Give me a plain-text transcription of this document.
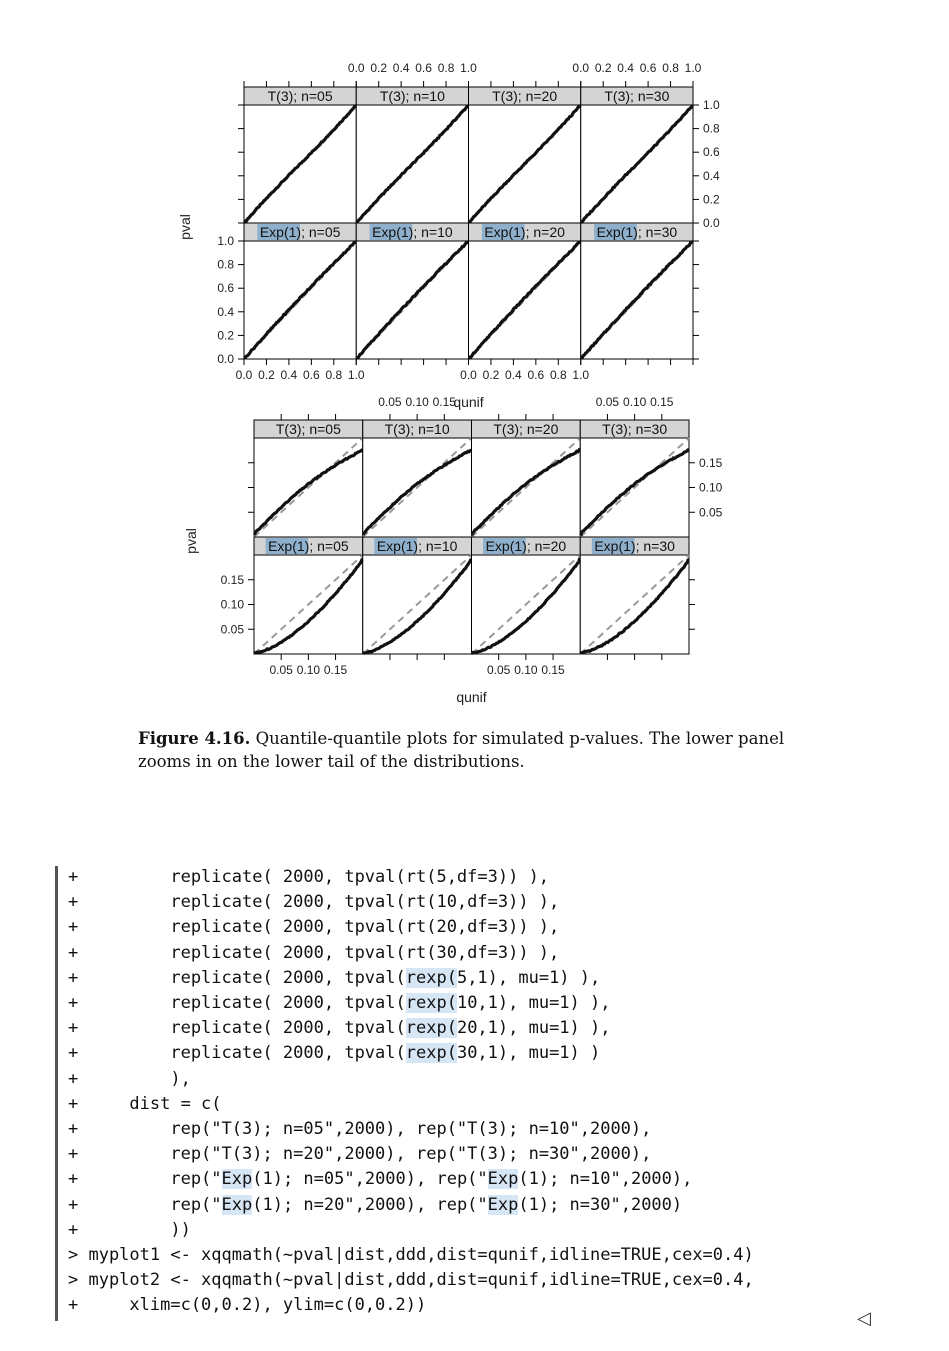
T(3); n=05	T(3); n=10	T(3); n=20	T(3); n=30
Exp(1); n=05 Exp(1); n=10 Exp(1); n=20 Exp(1); n=30
0.0 0.2 0.4 0.6 0.8 1.0
0.0 0.2 0.4 0.6 0.8 1.0
0.0 0.2 0.4 0.6 0.8 1.0
0.0 0.2 0.4 0.6 0.8 1.0
0.0
0.2
0.4
0.6
0.8
1.0
0.0
0.2
0.4
0.6
0.8
1.0
qunif
pval
T(3); n=05	T(3); n=10	T(3); n=20	T(3); n=30
Exp(1); n=05 Exp(1); n=10 Exp(1); n=20 Exp(1); n=30
0.05 0.10 0.15
0.05 0.10 0.15
0.05 0.10 0.15
0.05 0.10 0.15
0.05
0.10
0.15
0.05
0.10
0.15
qunif
pval
Figure 4.16. Quantile-quantile plots for simulated p-values. The lower panel zooms in on the lower tail of the distributions.
+         replicate( 2000, tpval(rt(5,df=3)) ),
+         replicate( 2000, tpval(rt(10,df=3)) ),
+         replicate( 2000, tpval(rt(20,df=3)) ),
+         replicate( 2000, tpval(rt(30,df=3)) ),
+         replicate( 2000, tpval(rexp(5,1), mu=1) ),
+         replicate( 2000, tpval(rexp(10,1), mu=1) ),
+         replicate( 2000, tpval(rexp(20,1), mu=1) ),
+         replicate( 2000, tpval(rexp(30,1), mu=1) )
+         ),
+     dist = c(
+         rep("T(3); n=05",2000), rep("T(3); n=10",2000),
+         rep("T(3); n=20",2000), rep("T(3); n=30",2000),
+         rep("Exp(1); n=05",2000), rep("Exp(1); n=10",2000),
+         rep("Exp(1); n=20",2000), rep("Exp(1); n=30",2000)
+         ))
> myplot1 <- xqqmath(~pval|dist,ddd,dist=qunif,idline=TRUE,cex=0.4)
> myplot2 <- xqqmath(~pval|dist,ddd,dist=qunif,idline=TRUE,cex=0.4,
+     xlim=c(0,0.2), ylim=c(0,0.2))
◁
